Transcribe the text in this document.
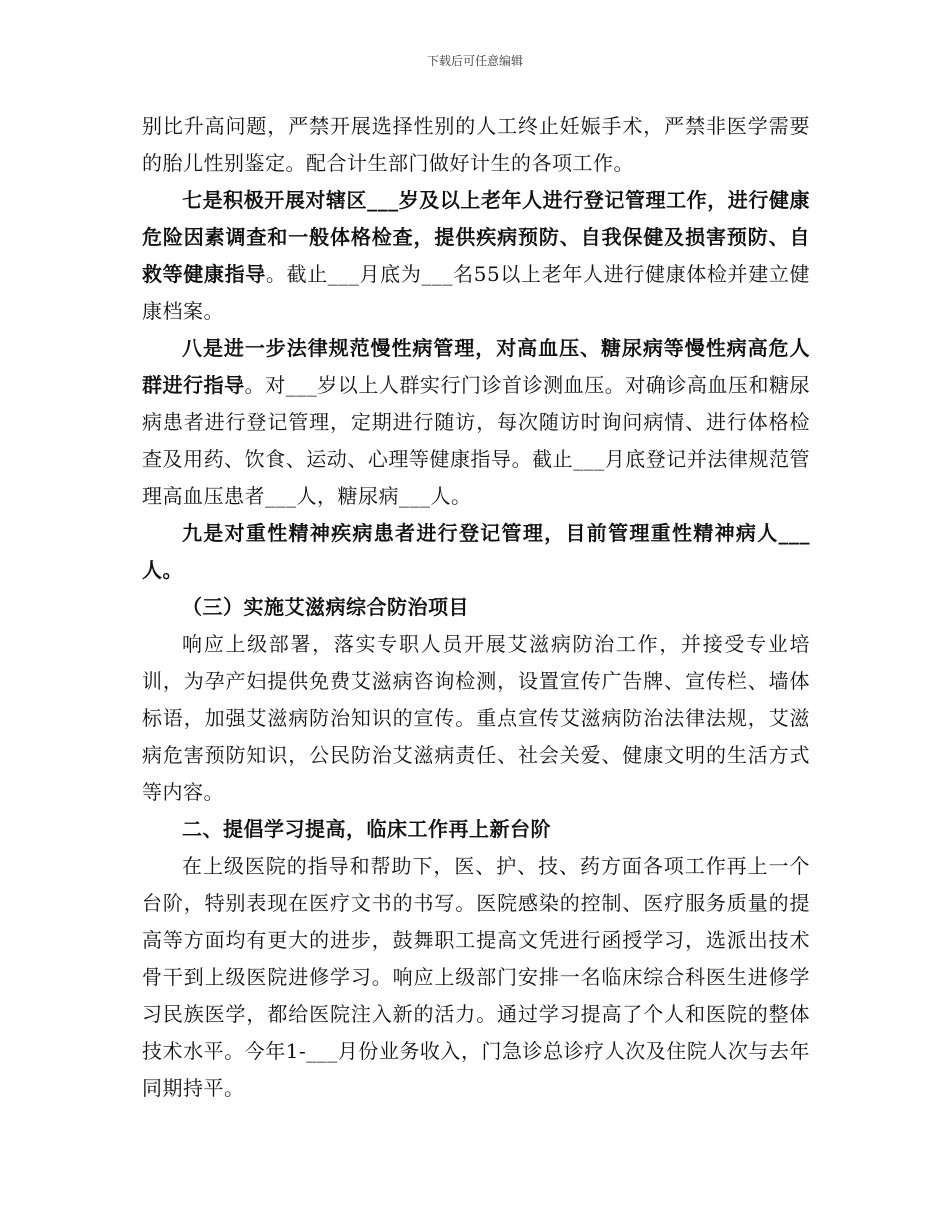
下载后可任意编辑

别比升高问题，严禁开展选择性别的人工终止妊娠手术，严禁非医学需要的胎儿性别鉴定。配合计生部门做好计生的各项工作。

七是积极开展对辖区___岁及以上老年人进行登记管理工作，进行健康危险因素调查和一般体格检查，提供疾病预防、自我保健及损害预防、自救等健康指导。截止___月底为___名55以上老年人进行健康体检并建立健康档案。

八是进一步法律规范慢性病管理，对高血压、糖尿病等慢性病高危人群进行指导。对___岁以上人群实行门诊首诊测血压。对确诊高血压和糖尿病患者进行登记管理，定期进行随访，每次随访时询问病情、进行体格检查及用药、饮食、运动、心理等健康指导。截止___月底登记并法律规范管理高血压患者___人，糖尿病___人。

九是对重性精神疾病患者进行登记管理，目前管理重性精神病人___人。

（三）实施艾滋病综合防治项目

响应上级部署，落实专职人员开展艾滋病防治工作，并接受专业培训，为孕产妇提供免费艾滋病咨询检测，设置宣传广告牌、宣传栏、墙体标语，加强艾滋病防治知识的宣传。重点宣传艾滋病防治法律法规，艾滋病危害预防知识，公民防治艾滋病责任、社会关爱、健康文明的生活方式等内容。

二、提倡学习提高，临床工作再上新台阶

在上级医院的指导和帮助下，医、护、技、药方面各项工作再上一个台阶，特别表现在医疗文书的书写。医院感染的控制、医疗服务质量的提高等方面均有更大的进步，鼓舞职工提高文凭进行函授学习，选派出技术骨干到上级医院进修学习。响应上级部门安排一名临床综合科医生进修学习民族医学，都给医院注入新的活力。通过学习提高了个人和医院的整体技术水平。今年1-___月份业务收入，门急诊总诊疗人次及住院人次与去年同期持平。
